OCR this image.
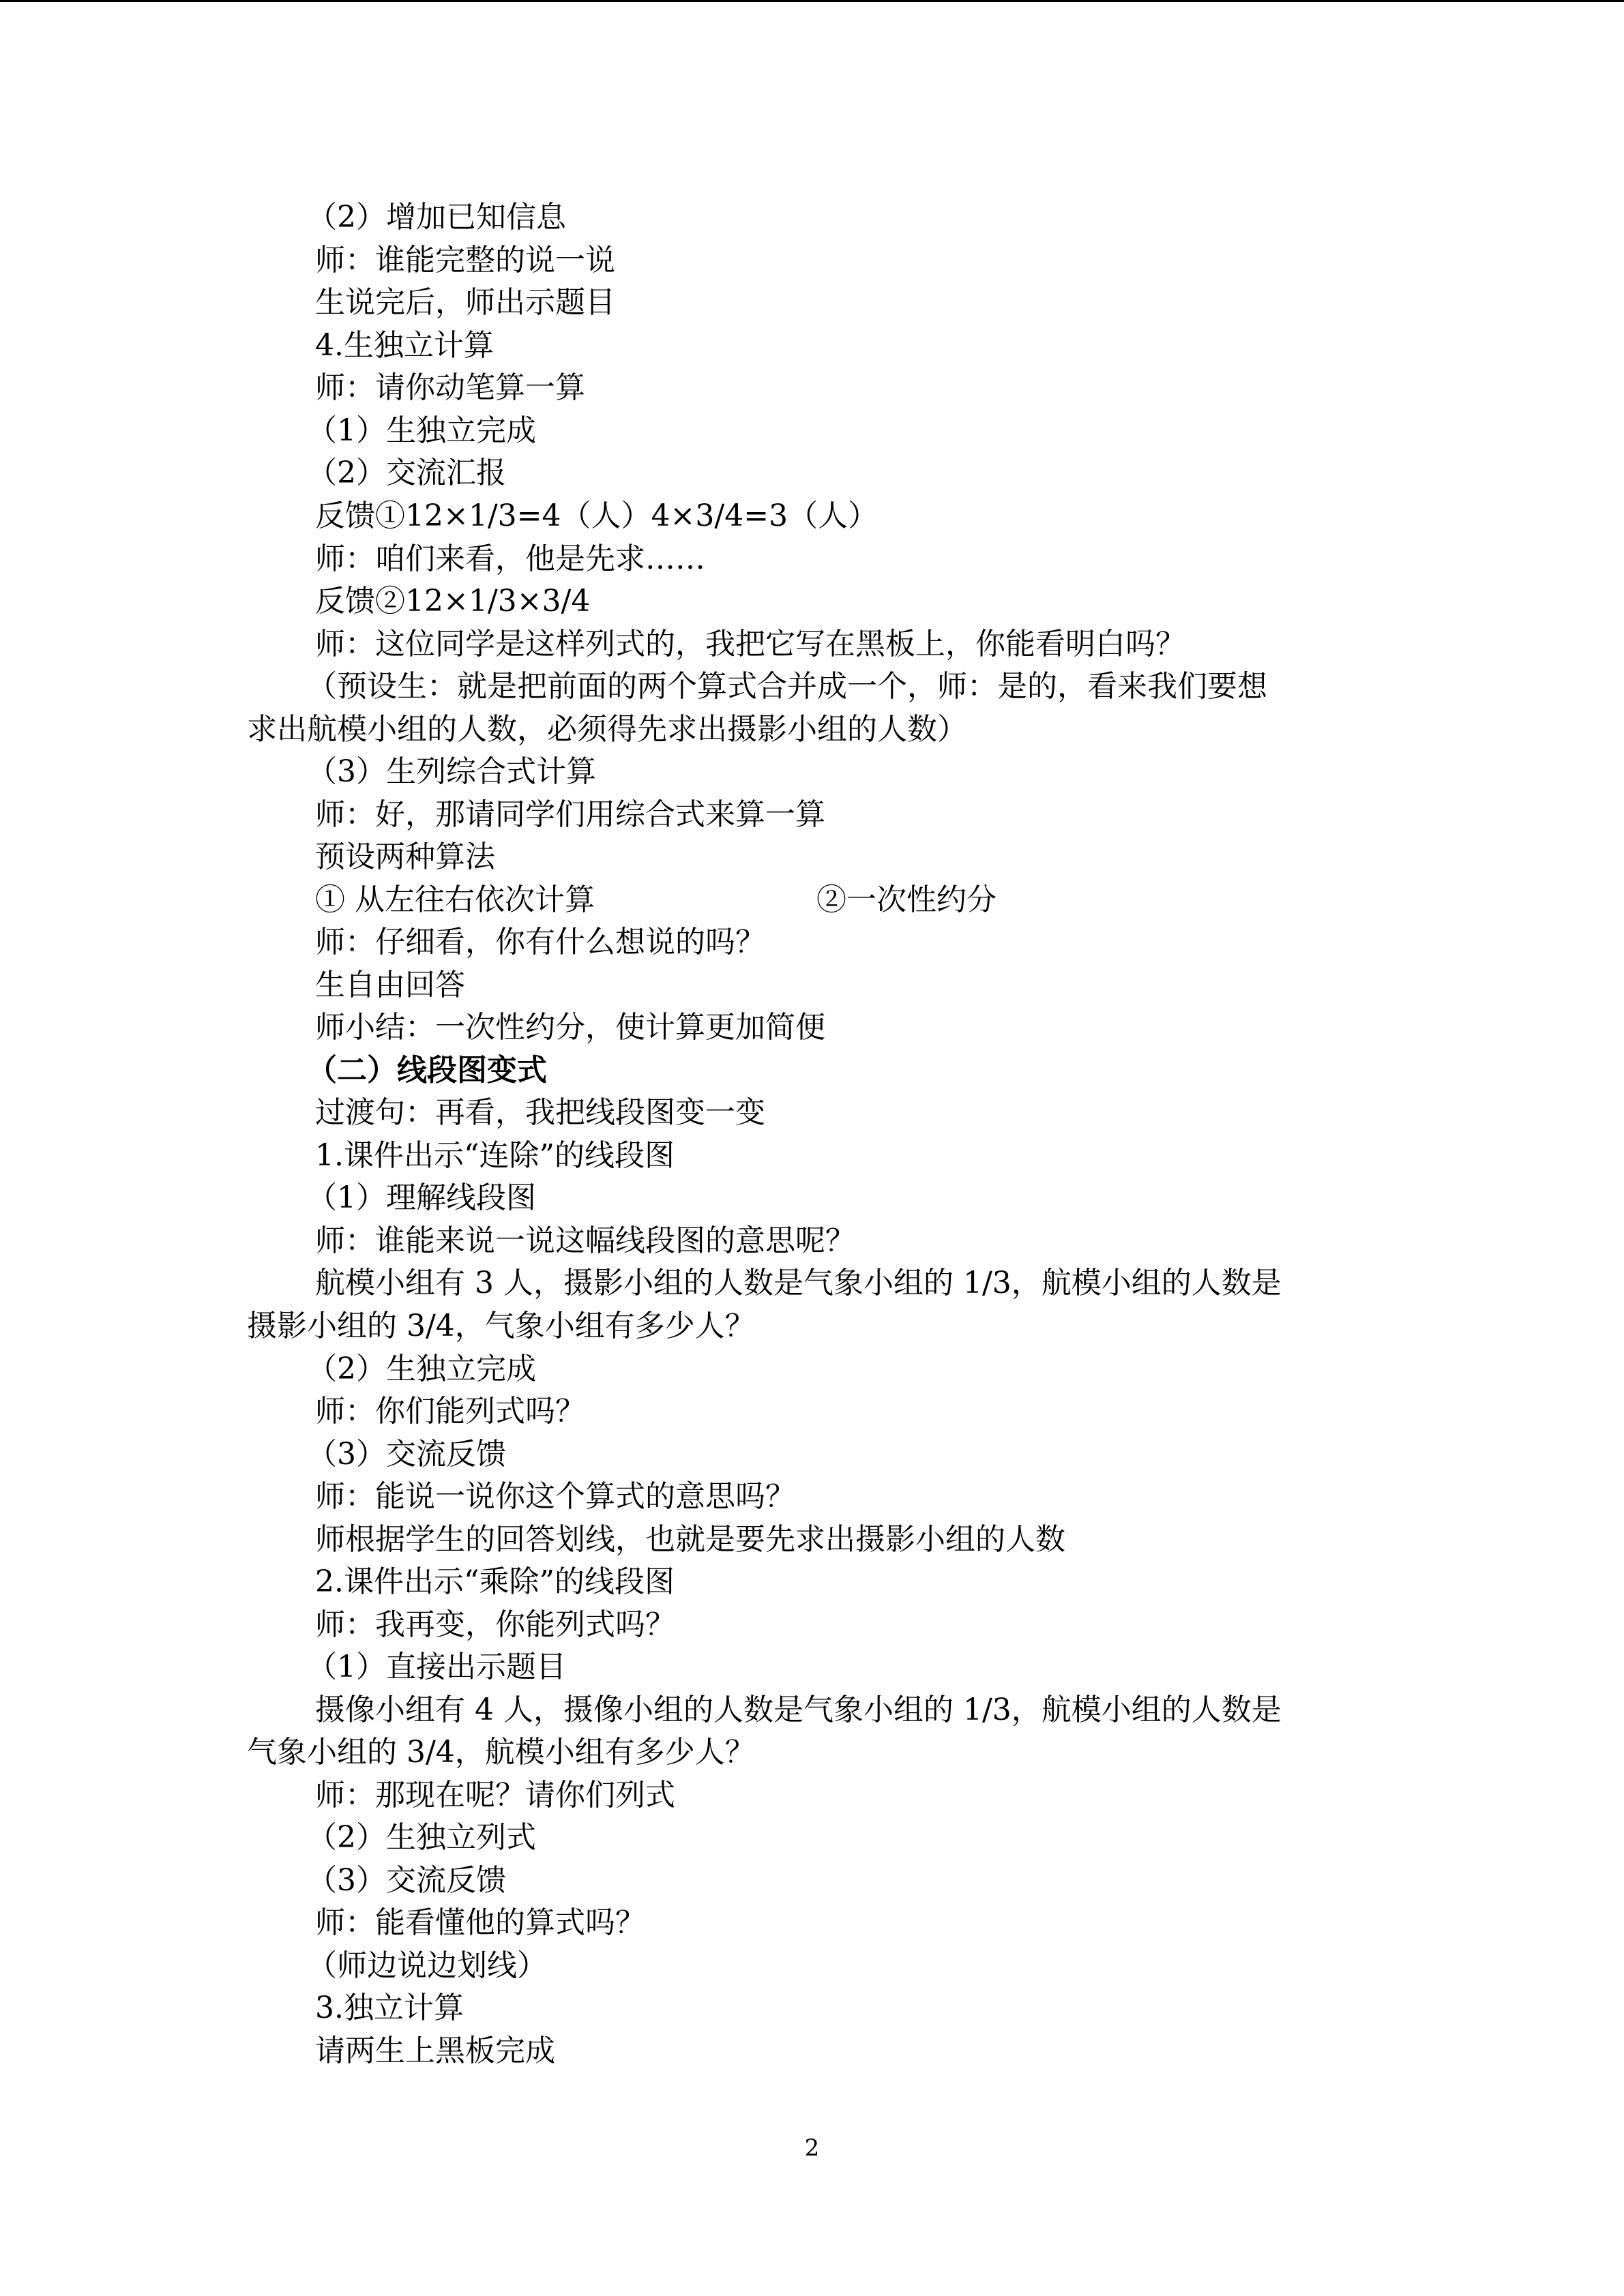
（2）增加已知信息
师：谁能完整的说一说
生说完后，师出示题目
4.生独立计算
师：请你动笔算一算
（1）生独立完成
（2）交流汇报
反馈①12×1/3=4（人）4×3/4=3（人）
师：咱们来看，他是先求……
反馈②12×1/3×3/4
师：这位同学是这样列式的，我把它写在黑板上，你能看明白吗？
（预设生：就是把前面的两个算式合并成一个，师：是的，看来我们要想
求出航模小组的人数，必须得先求出摄影小组的人数）
（3）生列综合式计算
师：好，那请同学们用综合式来算一算
预设两种算法
① 从左往右依次计算	②一次性约分
师：仔细看，你有什么想说的吗？
生自由回答
师小结：一次性约分，使计算更加简便
（二）线段图变式
过渡句：再看，我把线段图变一变
1.课件出示“连除”的线段图
（1）理解线段图
师：谁能来说一说这幅线段图的意思呢？
航模小组有 3 人，摄影小组的人数是气象小组的 1/3，航模小组的人数是
摄影小组的 3/4，气象小组有多少人？
（2）生独立完成
师：你们能列式吗？
（3）交流反馈
师：能说一说你这个算式的意思吗？
师根据学生的回答划线，也就是要先求出摄影小组的人数
2.课件出示“乘除”的线段图
师：我再变，你能列式吗？
（1）直接出示题目
摄像小组有 4 人，摄像小组的人数是气象小组的 1/3，航模小组的人数是
气象小组的 3/4，航模小组有多少人？
师：那现在呢？请你们列式
（2）生独立列式
（3）交流反馈
师：能看懂他的算式吗？
（师边说边划线）
3.独立计算
请两生上黑板完成
2
